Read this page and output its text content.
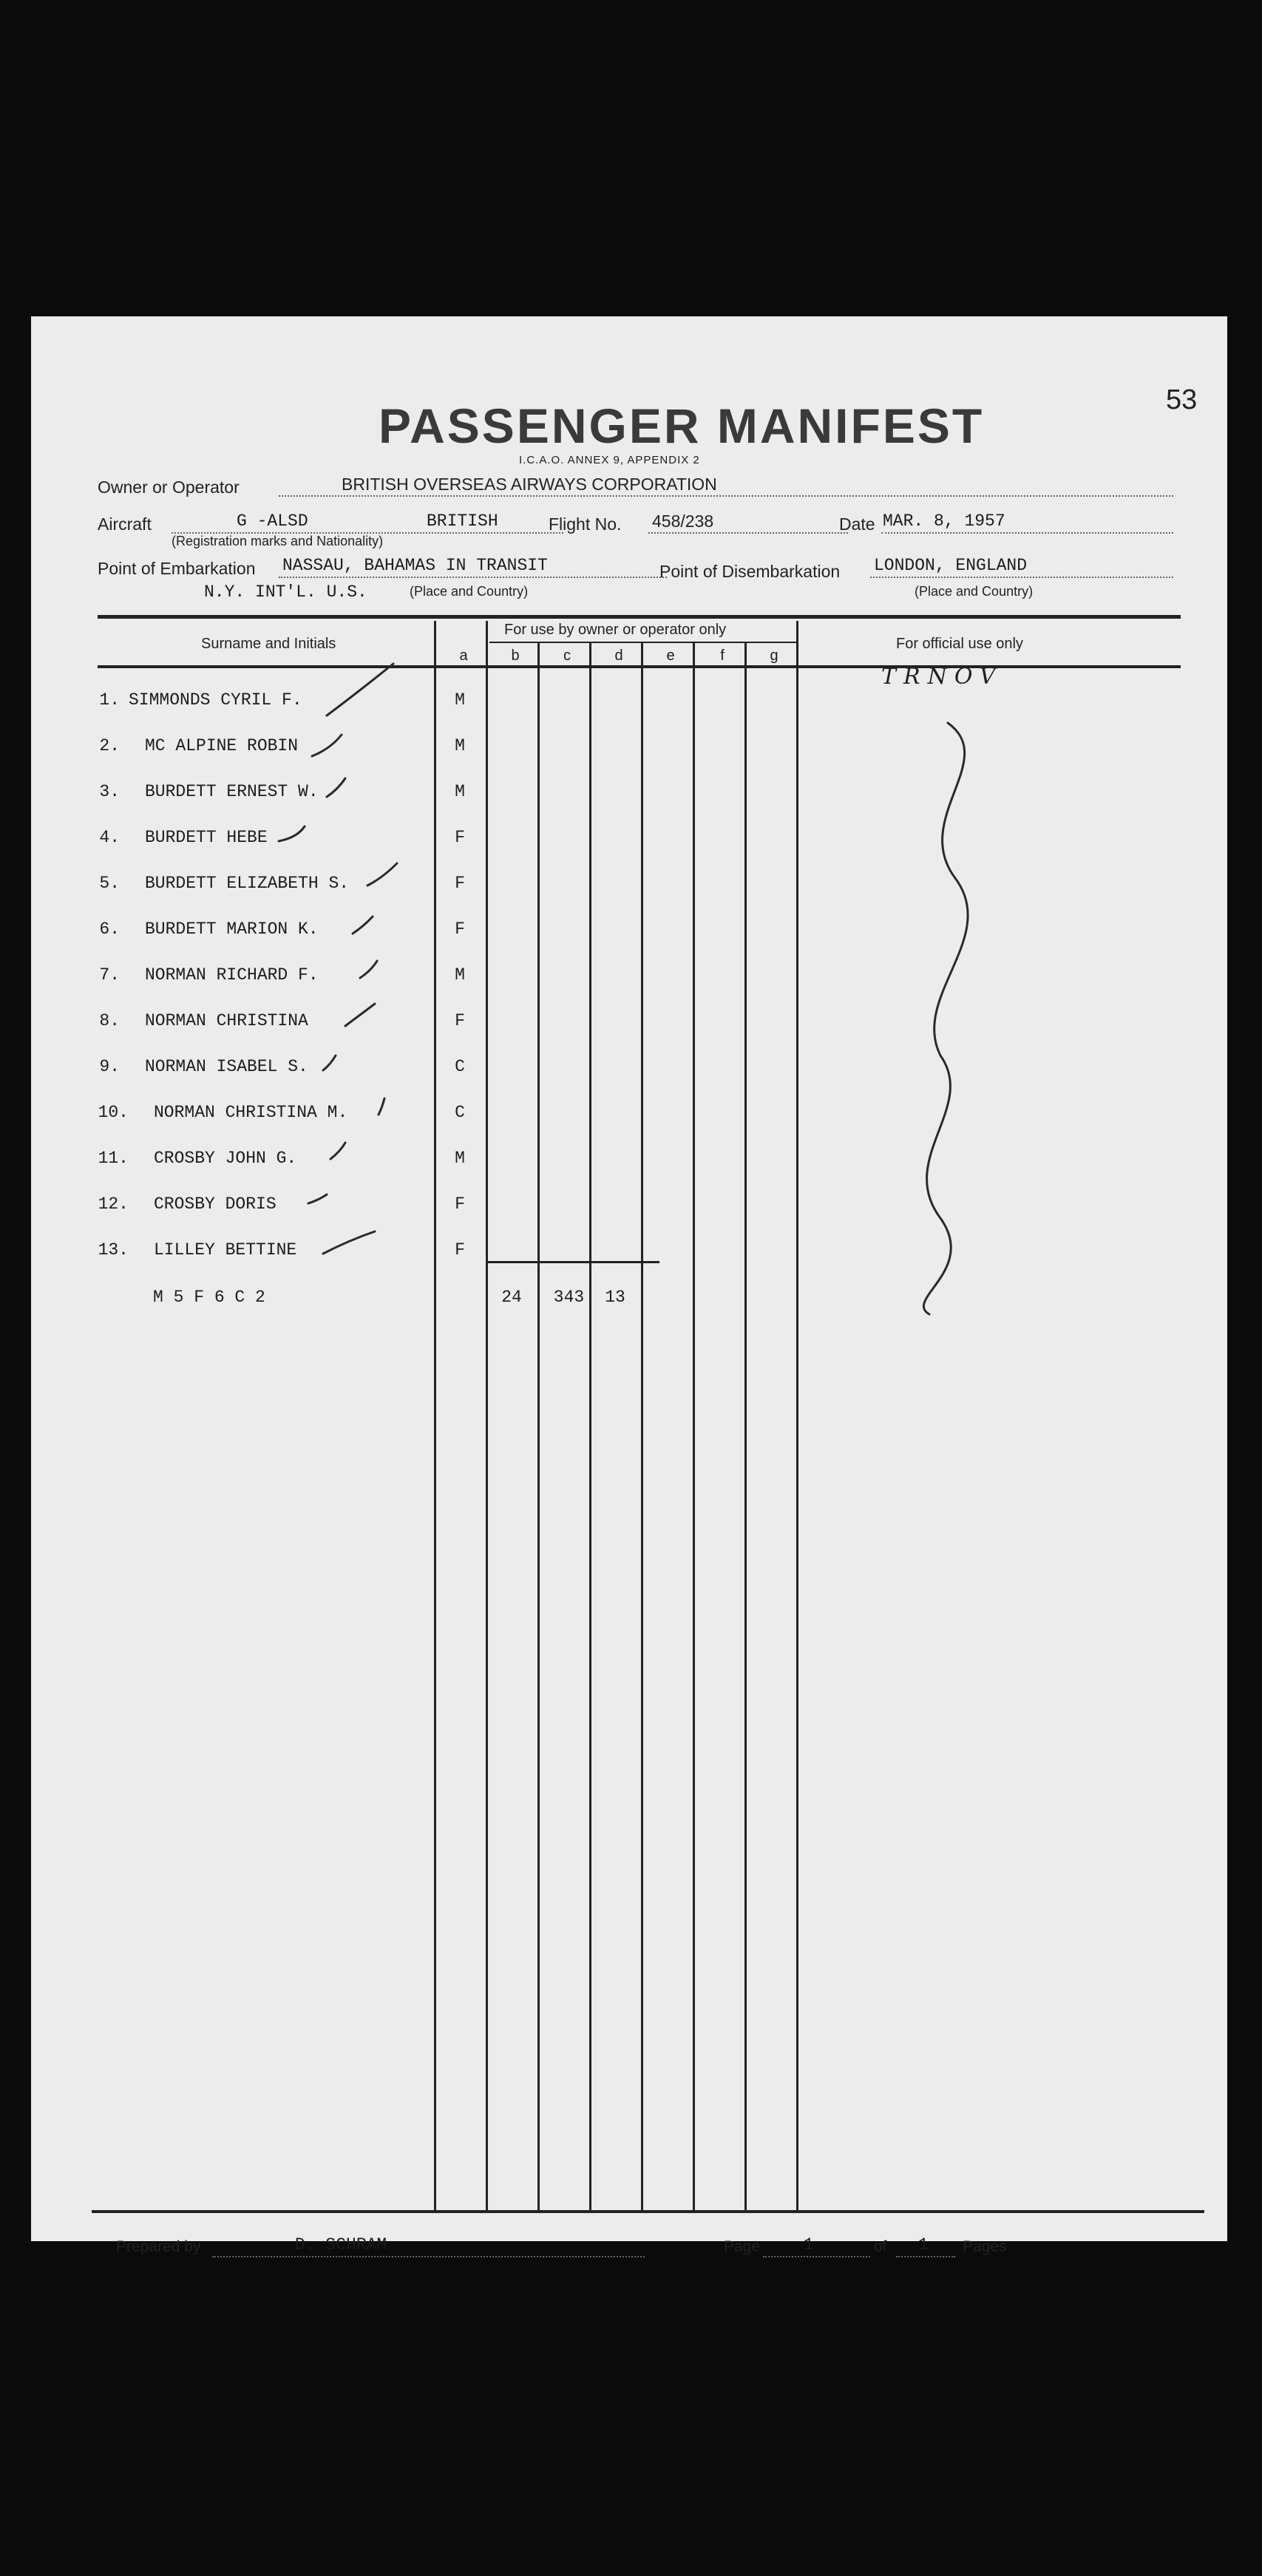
53
PASSENGER MANIFEST
I.C.A.O. ANNEX 9, APPENDIX 2
Owner or Operator	BRITISH OVERSEAS AIRWAYS CORPORATION
Aircraft	G -ALSD	BRITISH
(Registration marks and Nationality)
Flight No. 458/238	Date MAR. 8, 1957
Point of Embarkation NASSAU, BAHAMAS IN TRANSIT
N.Y. INT'L. U.S.	(Place and Country)
Point of Disembarkation LONDON, ENGLAND
(Place and Country)
Surname and Initials
For use by owner or operator only
For official use only
a	b	c	d	e	f	g
1. SIMMONDS CYRIL F.	M
2. MC ALPINE ROBIN	M
3. BURDETT ERNEST W.	M
4. BURDETT HEBE	F
5. BURDETT ELIZABETH S.	F
6. BURDETT MARION K.	F
7. NORMAN RICHARD F.	M
8. NORMAN CHRISTINA	F
9. NORMAN ISABEL S.	C
10. NORMAN CHRISTINA M.	C
11. CROSBY JOHN G.	M
12. CROSBY DORIS	F
13. LILLEY BETTINE	F
M 5 F 6 C 2	24 343 13
TRNOV
Prepared by	D. SCHRAM	Page	1	of 1 Pages
